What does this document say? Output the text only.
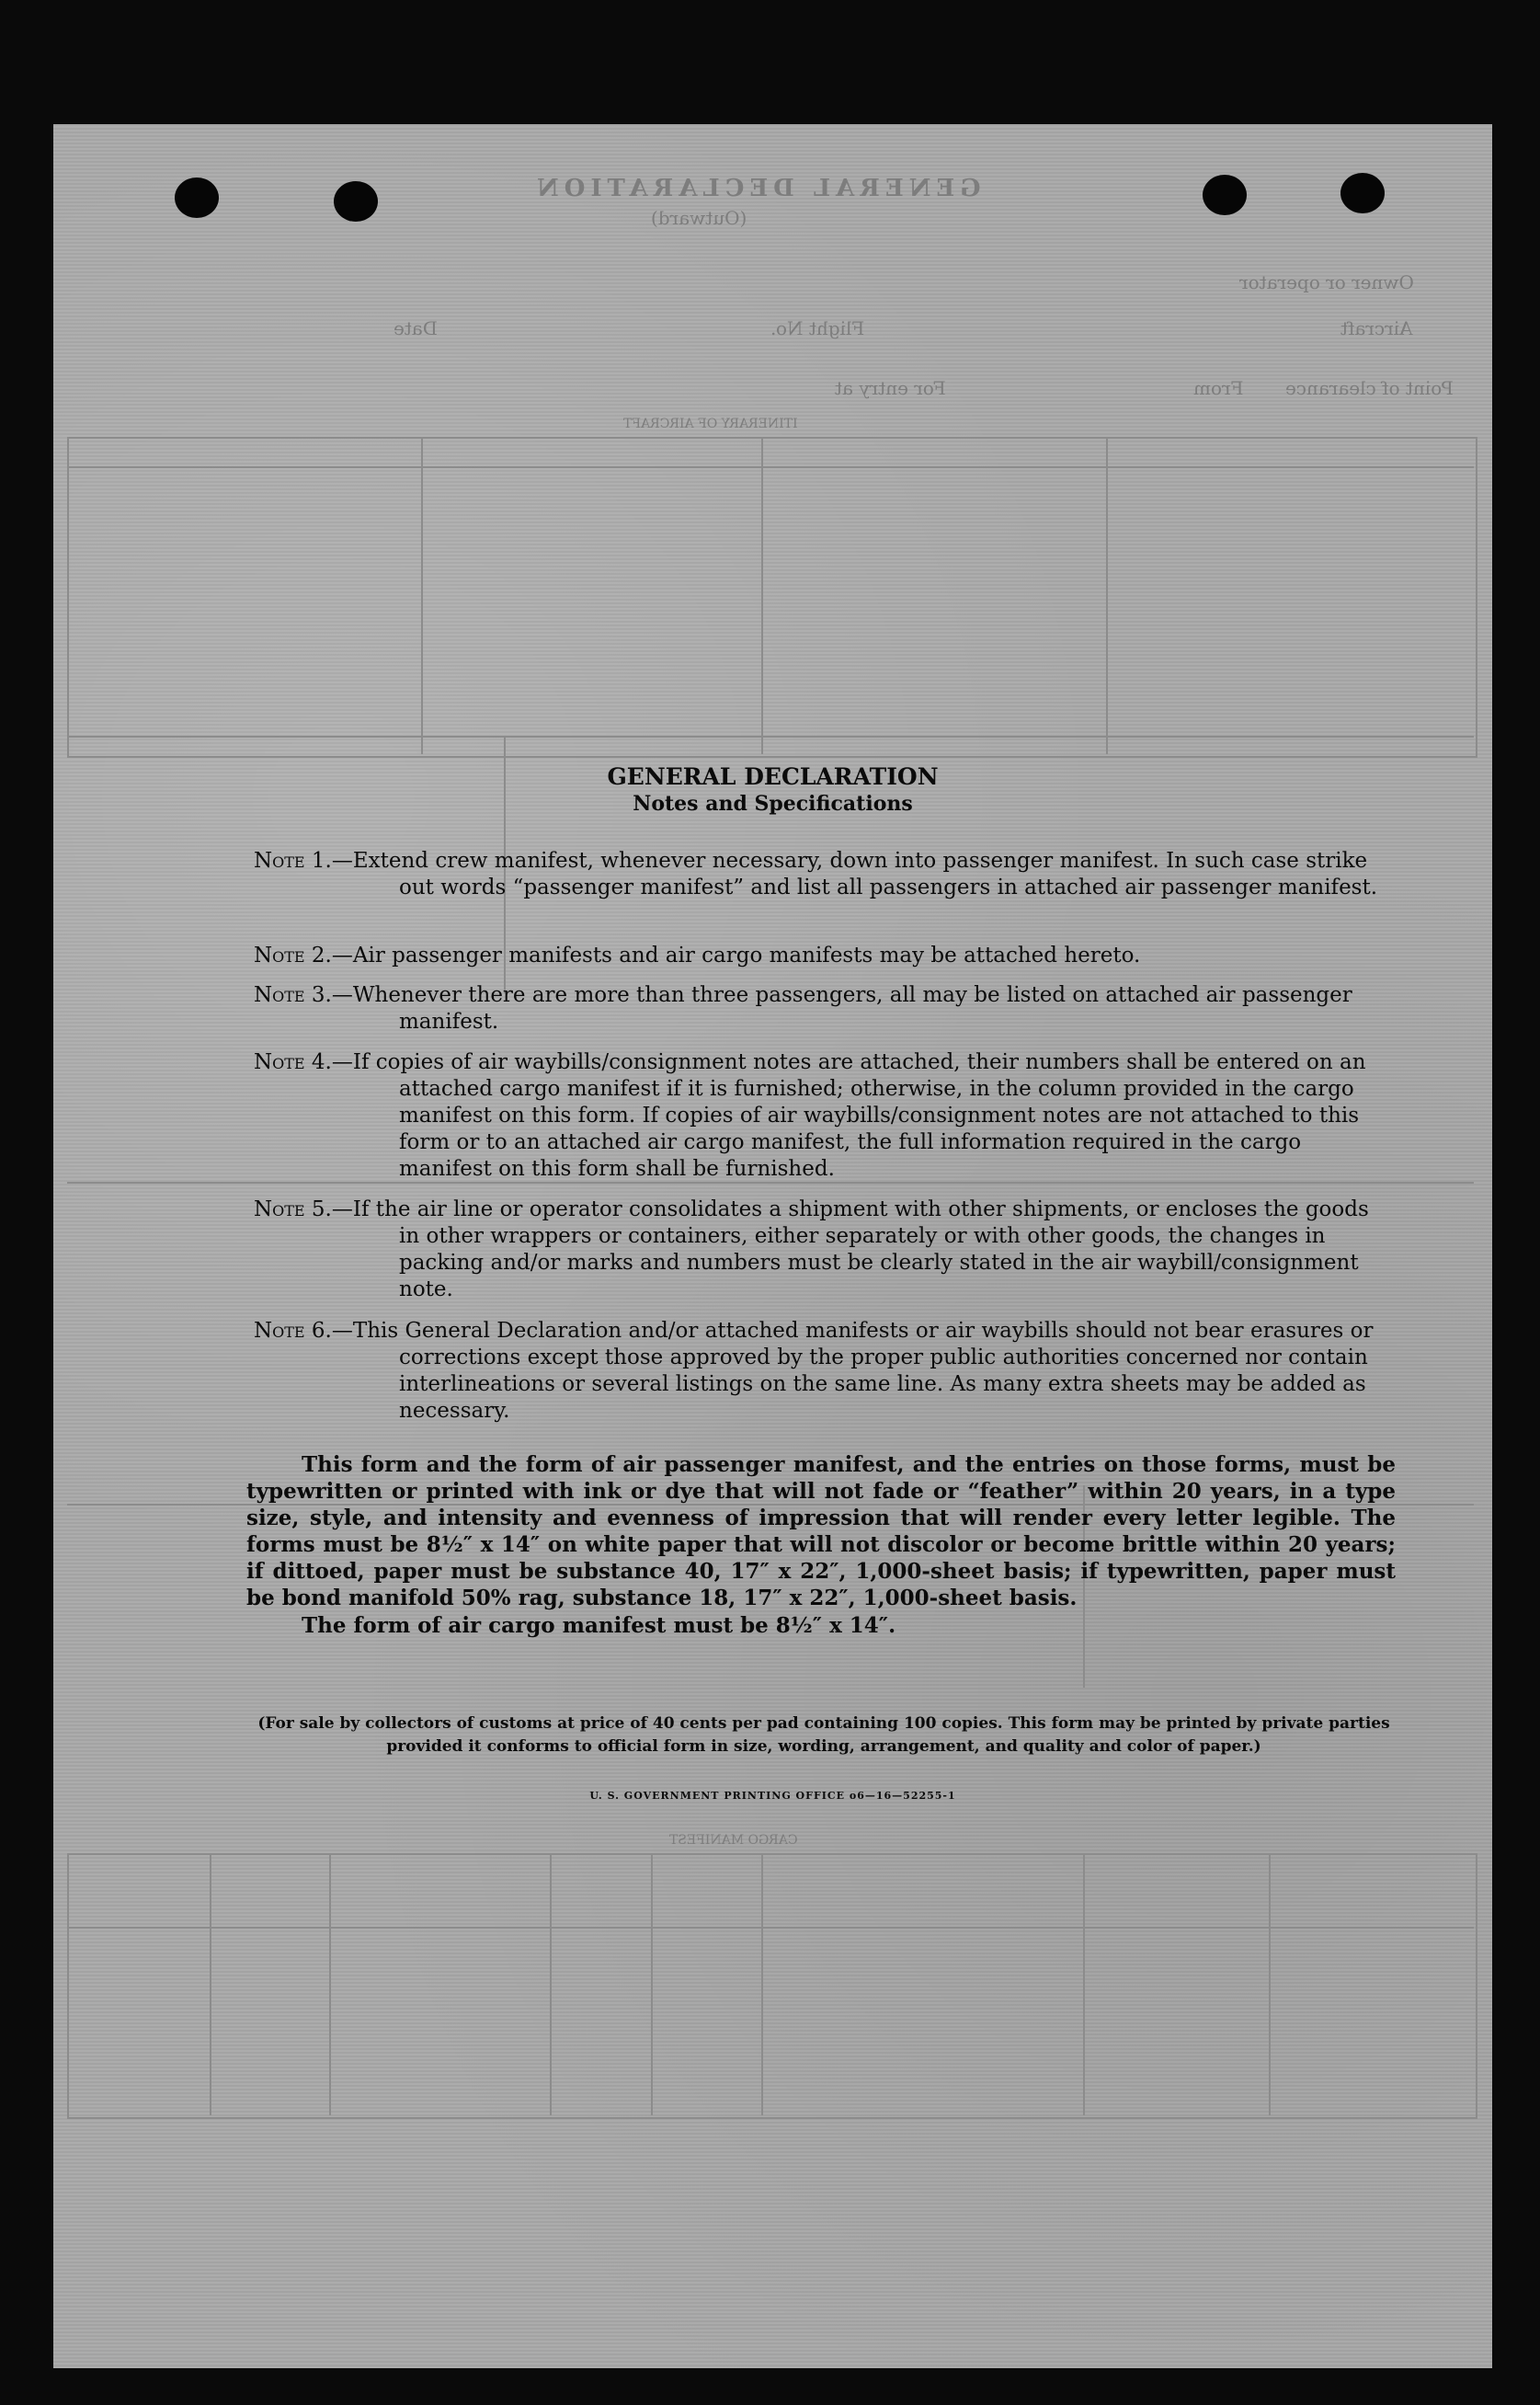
GENERAL DECLARATION
(Outward)
Owner or operator
Aircraft
Flight No.
Date
Point of clearance
From
For entry at
ITINERARY OF AIRCRAFT
CARGO MANIFEST
GENERAL DECLARATION
Notes and Specifications
Note 1.—Extend crew manifest, whenever necessary, down into passenger manifest. In such case strike out words “passenger manifest” and list all passengers in attached air passenger manifest.
Note 2.—Air passenger manifests and air cargo manifests may be attached hereto.
Note 3.—Whenever there are more than three passengers, all may be listed on attached air passenger manifest.
Note 4.—If copies of air waybills/consignment notes are attached, their numbers shall be entered on an attached cargo manifest if it is furnished; otherwise, in the column provided in the cargo manifest on this form. If copies of air waybills/consignment notes are not attached to this form or to an attached air cargo manifest, the full information required in the cargo manifest on this form shall be furnished.
Note 5.—If the air line or operator consolidates a shipment with other shipments, or encloses the goods in other wrappers or containers, either separately or with other goods, the changes in packing and/or marks and numbers must be clearly stated in the air waybill/consignment note.
Note 6.—This General Declaration and/or attached manifests or air waybills should not bear erasures or corrections except those approved by the proper public authorities concerned nor contain interlineations or several listings on the same line. As many extra sheets may be added as necessary.
This form and the form of air passenger manifest, and the entries on those forms, must be typewritten or printed with ink or dye that will not fade or “feather” within 20 years, in a type size, style, and intensity and evenness of impression that will render every letter legible. The forms must be 8½″ x 14″ on white paper that will not discolor or become brittle within 20 years; if dittoed, paper must be substance 40, 17″ x 22″, 1,000-sheet basis; if typewritten, paper must be bond manifold 50% rag, substance 18, 17″ x 22″, 1,000-sheet basis.
The form of air cargo manifest must be 8½″ x 14″.
(For sale by collectors of customs at price of 40 cents per pad containing 100 copies. This form may be printed by private parties provided it conforms to official form in size, wording, arrangement, and quality and color of paper.)
U. S. GOVERNMENT PRINTING OFFICE o6—16—52255-1
